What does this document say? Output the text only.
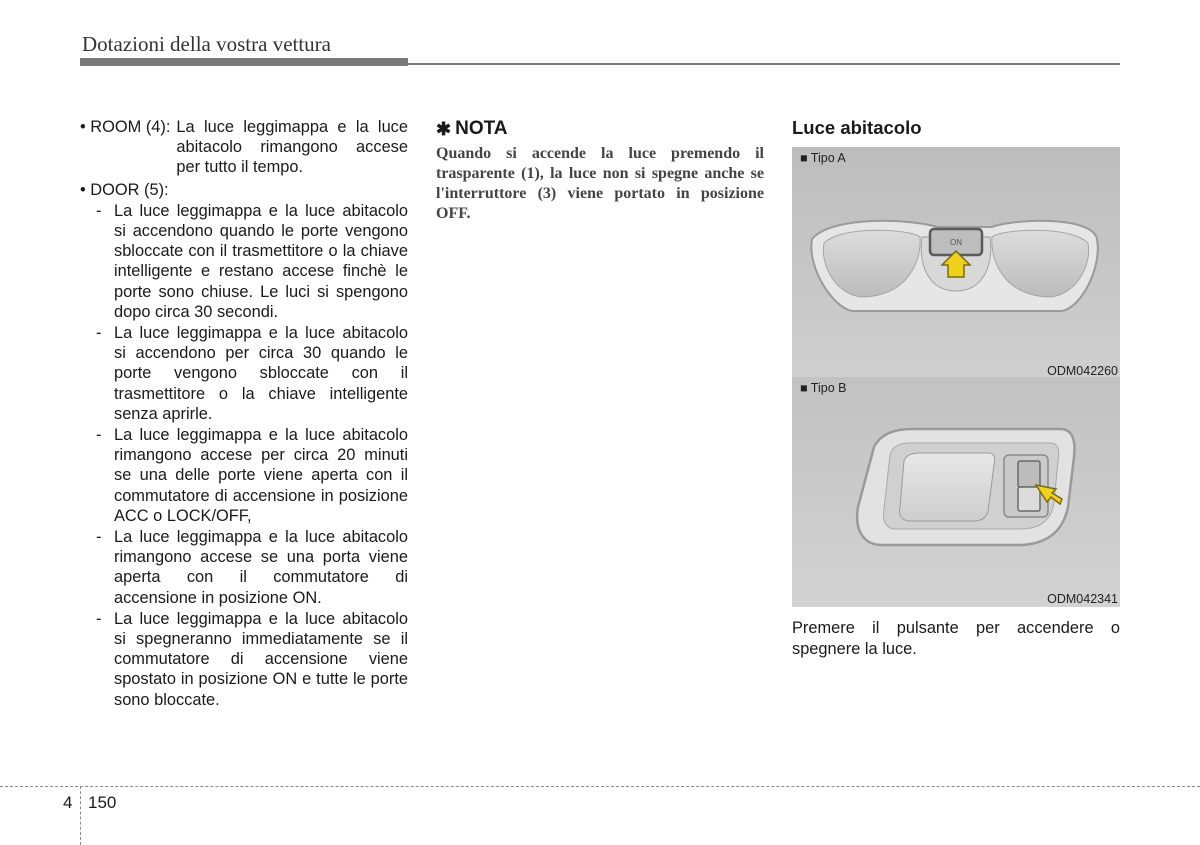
Dotazioni della vostra vettura
• ROOM (4): La luce leggimappa e la luce abitacolo rimangono accese per tutto il tempo.
• DOOR (5):
- La luce leggimappa e la luce abitacolo si accendono quando le porte vengono sbloccate con il trasmettitore o la chiave intelligente e restano accese finchè le porte sono chiuse. Le luci si spengono dopo circa 30 secondi.
- La luce leggimappa e la luce abitacolo si accendono per circa 30 quando le porte vengono sbloccate con il trasmettitore o la chiave intelligente senza aprirle.
- La luce leggimappa e la luce abitacolo rimangono accese per circa 20 minuti se una delle porte viene aperta con il commutatore di accensione in posizione ACC o LOCK/OFF,
- La luce leggimappa e la luce abitacolo rimangono accese se una porta viene aperta con il commutatore di accensione in posizione ON.
- La luce leggimappa e la luce abitacolo si spegneranno immediatamente se il commutatore di accensione viene spostato in posizione ON e tutte le porte sono bloccate.
✱ NOTA
Quando si accende la luce premendo il trasparente (1), la luce non si spegne anche se l'interruttore (3) viene portato in posizione OFF.
Luce abitacolo
■ Tipo A
ON
ODM042260
■ Tipo B
ODM042341
Premere il pulsante per accendere o spegnere la luce.
4 150
